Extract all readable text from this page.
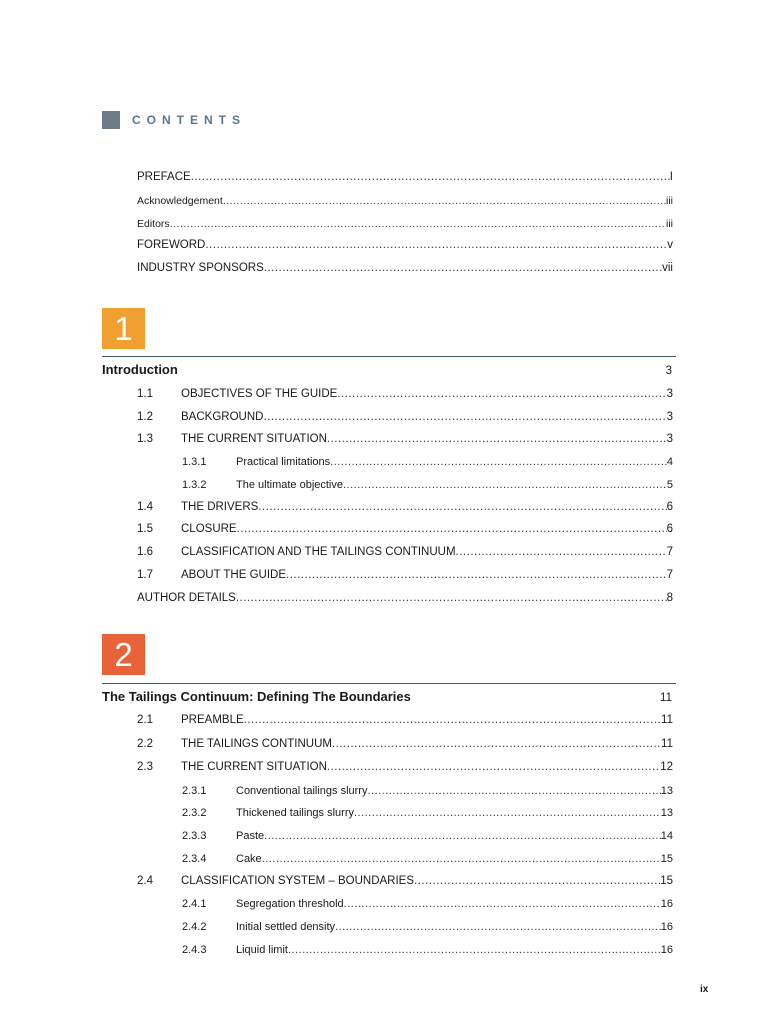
CONTENTS
PREFACE .....	I
Acknowledgement .....	iii
Editors .....	iii
FOREWORD .....	v
INDUSTRY SPONSORS .....	vii
1
Introduction	3
1.1	OBJECTIVES OF THE GUIDE .....	3
1.2	BACKGROUND .....	3
1.3	THE CURRENT SITUATION .....	3
1.3.1	Practical limitations .....	4
1.3.2	The ultimate objective .....	5
1.4	THE DRIVERS .....	6
1.5	CLOSURE .....	6
1.6	CLASSIFICATION AND THE TAILINGS CONTINUUM .....	7
1.7	ABOUT THE GUIDE .....	7
AUTHOR DETAILS .....	8
2
The Tailings Continuum: Defining The Boundaries	11
2.1	PREAMBLE .....	11
2.2	THE TAILINGS CONTINUUM .....	11
2.3	THE CURRENT SITUATION .....	12
2.3.1	Conventional tailings slurry .....	13
2.3.2	Thickened tailings slurry .....	13
2.3.3	Paste .....	14
2.3.4	Cake .....	15
2.4	CLASSIFICATION SYSTEM – BOUNDARIES .....	15
2.4.1	Segregation threshold .....	16
2.4.2	Initial settled density .....	16
2.4.3	Liquid limit .....	16
ix
